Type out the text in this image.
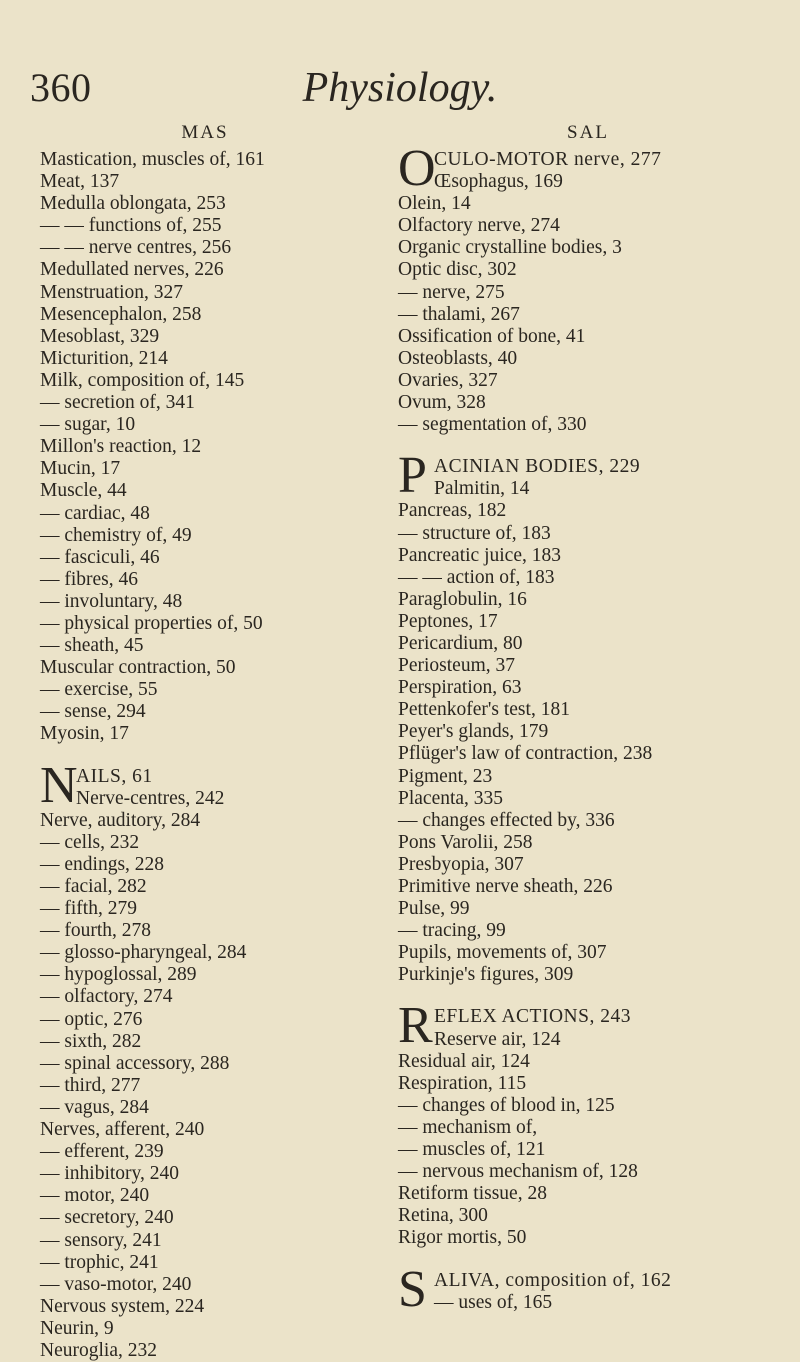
360	Physiology.
MAS
Mastication, muscles of, 161
Meat, 137
Medulla oblongata, 253
— — functions of, 255
— — nerve centres, 256
Medullated nerves, 226
Menstruation, 327
Mesencephalon, 258
Mesoblast, 329
Micturition, 214
Milk, composition of, 145
— secretion of, 341
— sugar, 10
Millon's reaction, 12
Mucin, 17
Muscle, 44
— cardiac, 48
— chemistry of, 49
— fasciculi, 46
— fibres, 46
— involuntary, 48
— physical properties of, 50
— sheath, 45
Muscular contraction, 50
— exercise, 55
— sense, 294
Myosin, 17
N
AILS, 61
Nerve-centres, 242
Nerve, auditory, 284
— cells, 232
— endings, 228
— facial, 282
— fifth, 279
— fourth, 278
— glosso-pharyngeal, 284
— hypoglossal, 289
— olfactory, 274
— optic, 276
— sixth, 282
— spinal accessory, 288
— third, 277
— vagus, 284
Nerves, afferent, 240
— efferent, 239
— inhibitory, 240
— motor, 240
— secretory, 240
— sensory, 241
— trophic, 241
— vaso-motor, 240
Nervous system, 224
Neurin, 9
Neuroglia, 232
SAL
O
CULO-MOTOR nerve, 277
Œsophagus, 169
Olein, 14
Olfactory nerve, 274
Organic crystalline bodies, 3
Optic disc, 302
— nerve, 275
— thalami, 267
Ossification of bone, 41
Osteoblasts, 40
Ovaries, 327
Ovum, 328
— segmentation of, 330
P ACINIAN BODIES, 229
Palmitin, 14
Pancreas, 182
— structure of, 183
Pancreatic juice, 183
— — action of, 183
Paraglobulin, 16
Peptones, 17
Pericardium, 80
Periosteum, 37
Perspiration, 63
Pettenkofer's test, 181
Peyer's glands, 179
Pflüger's law of contraction, 238
Pigment, 23
Placenta, 335
— changes effected by, 336
Pons Varolii, 258
Presbyopia, 307
Primitive nerve sheath, 226
Pulse, 99
— tracing, 99
Pupils, movements of, 307
Purkinje's figures, 309
R EFLEX ACTIONS, 243
Reserve air, 124
Residual air, 124
Respiration, 115
— changes of blood in, 125
— mechanism of,
— muscles of, 121
— nervous mechanism of, 128
Retiform tissue, 28
Retina, 300
Rigor mortis, 50
S ALIVA, composition of, 162
— uses of, 165
